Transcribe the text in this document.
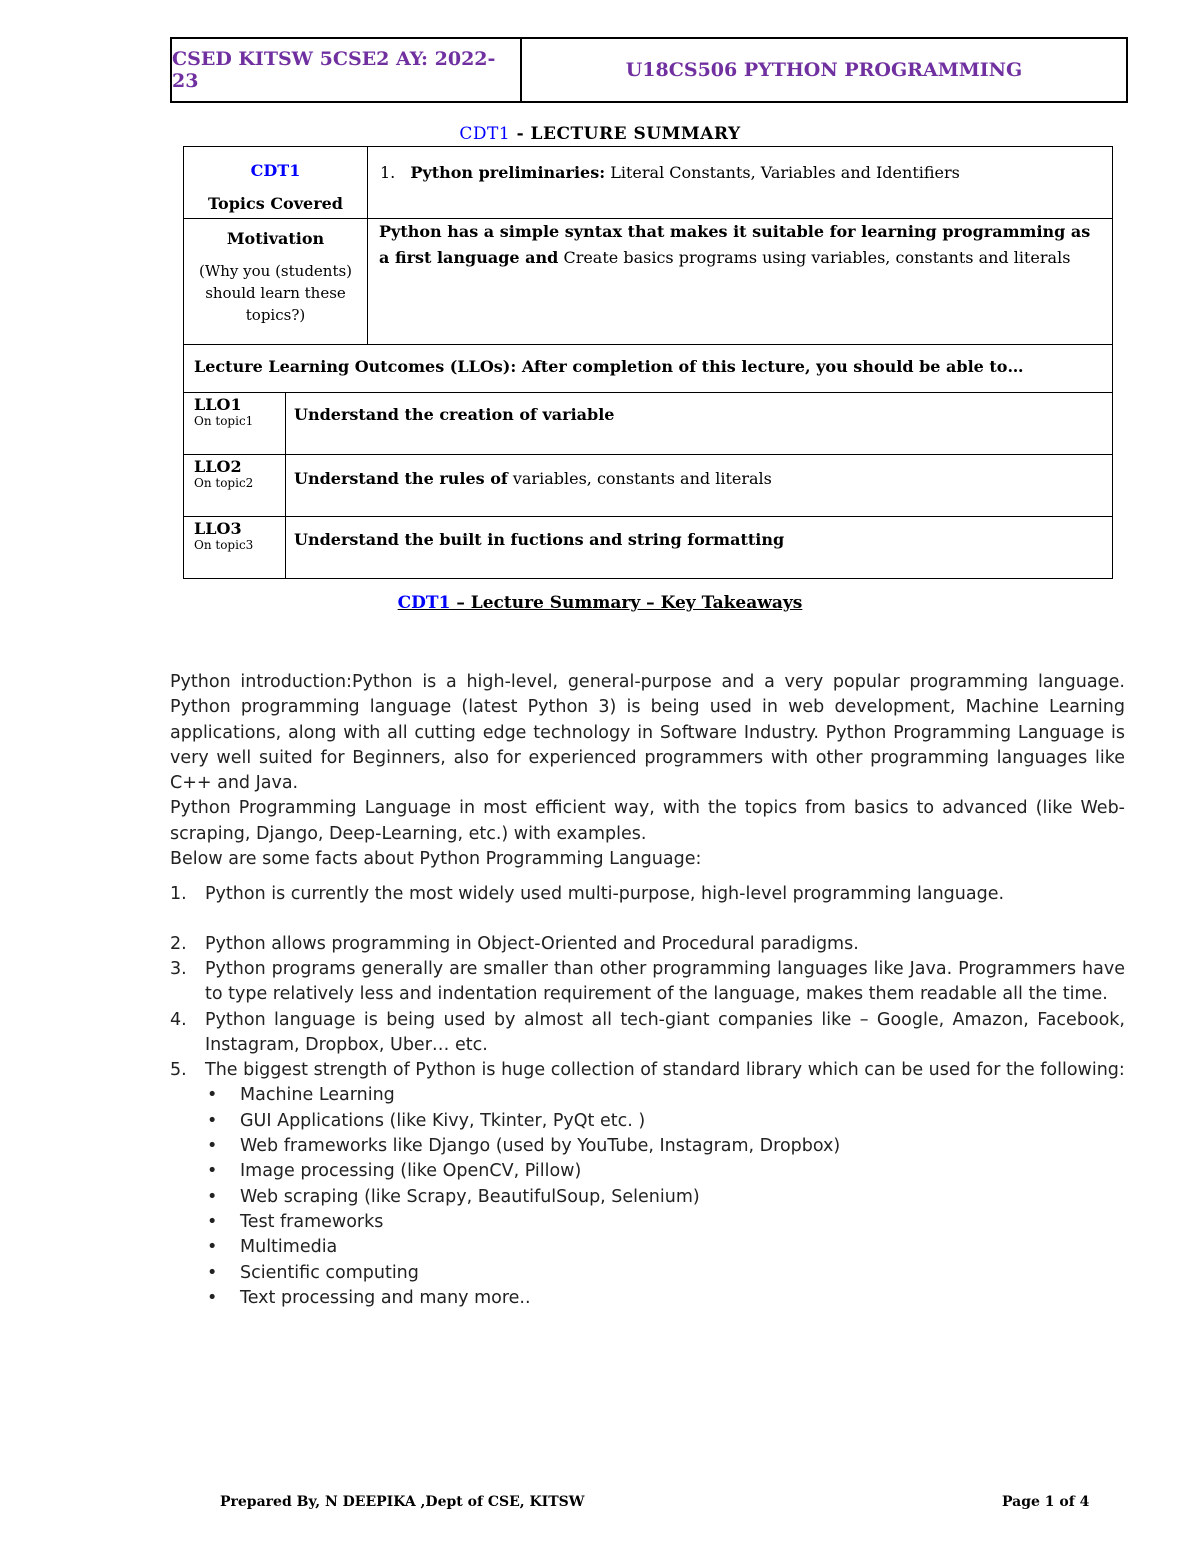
CSED KITSW 5CSE2 AY: 2022-23	U18CS506 PYTHON PROGRAMMING
CDT1 - LECTURE SUMMARY
CDT1
Topics Covered		1. Python preliminaries: Literal Constants, Variables and Identifiers

Motivation
(Why you (students) should learn these topics?)		Python has a simple syntax that makes it suitable for learning programming as a first language and Create basics programs using variables, constants and literals

Lecture Learning Outcomes (LLOs): After completion of this lecture, you should be able to…		

LLO1
On topic1	Understand the creation of variable	

LLO2
On topic2	Understand the rules of variables, constants and literals	

LLO3
On topic3	Understand the built in fuctions and string formatting	
CDT1 – Lecture Summary – Key Takeaways

Python introduction:Python is a high-level, general-purpose and a very popular programming language. Python programming language (latest Python 3) is being used in web development, Machine Learning applications, along with all cutting edge technology in Software Industry. Python Programming Language is very well suited for Beginners, also for experienced programmers with other programming languages like C++ and Java.

Python Programming Language in most efficient way, with the topics from basics to advanced (like Web-scraping, Django, Deep-Learning, etc.) with examples.

Below are some facts about Python Programming Language:

1. Python is currently the most widely used multi-purpose, high-level programming language.
2. Python allows programming in Object-Oriented and Procedural paradigms.
3. Python programs generally are smaller than other programming languages like Java. Programmers have to type relatively less and indentation requirement of the language, makes them readable all the time.
4. Python language is being used by almost all tech-giant companies like – Google, Amazon, Facebook, Instagram, Dropbox, Uber… etc.
5. The biggest strength of Python is huge collection of standard library which can be used for the following:
• Machine Learning
• GUI Applications (like Kivy, Tkinter, PyQt etc. )
• Web frameworks like Django (used by YouTube, Instagram, Dropbox)
• Image processing (like OpenCV, Pillow)
• Web scraping (like Scrapy, BeautifulSoup, Selenium)
• Test frameworks
• Multimedia
• Scientific computing
• Text processing and many more..
Prepared By, N DEEPIKA ,Dept of CSE, KITSW	Page 1 of 4
